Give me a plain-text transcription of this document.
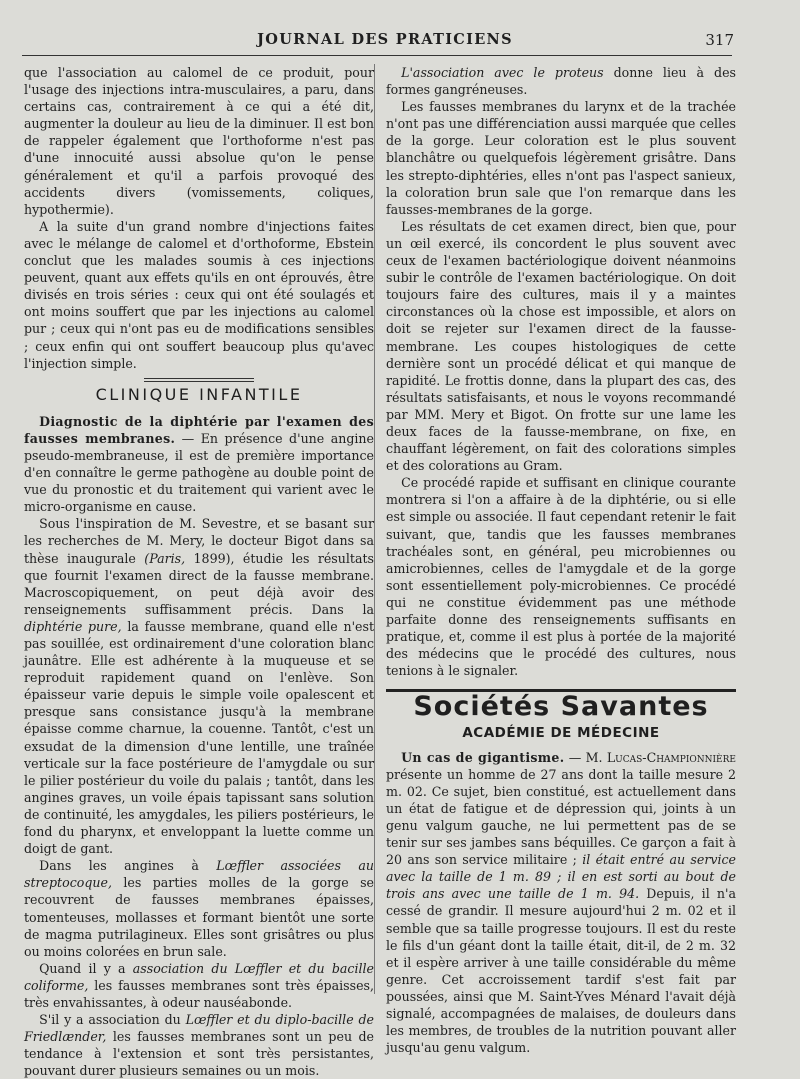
JOURNAL DES PRATICIENS	317

que l'association au calomel de ce produit, pour l'usage des injections intra-musculaires, a paru, dans certains cas, contrairement à ce qui a été dit, augmenter la douleur au lieu de la diminuer. Il est bon de rappeler également que l'orthoforme n'est pas d'une innocuité aussi absolue qu'on le pense généralement et qu'il a parfois provoqué des accidents divers (vomissements, coliques, hypothermie).

A la suite d'un grand nombre d'injections faites avec le mélange de calomel et d'orthoforme, Ebstein conclut que les malades soumis à ces injections peuvent, quant aux effets qu'ils en ont éprouvés, être divisés en trois séries : ceux qui ont été soulagés et ont moins souffert que par les injections au calomel pur ; ceux qui n'ont pas eu de modifications sensibles ; ceux enfin qui ont souffert beaucoup plus qu'avec l'injection simple.

CLINIQUE INFANTILE

Diagnostic de la diphtérie par l'examen des fausses membranes. — En présence d'une angine pseudo-membraneuse, il est de première importance d'en connaître le germe pathogène au double point de vue du pronostic et du traitement qui varient avec le micro-organisme en cause.

Sous l'inspiration de M. Sevestre, et se basant sur les recherches de M. Mery, le docteur Bigot dans sa thèse inaugurale (Paris, 1899), étudie les résultats que fournit l'examen direct de la fausse membrane. Macroscopiquement, on peut déjà avoir des renseignements suffisamment précis. Dans la diphtérie pure, la fausse membrane, quand elle n'est pas souillée, est ordinairement d'une coloration blanc jaunâtre. Elle est adhérente à la muqueuse et se reproduit rapidement quand on l'enlève. Son épaisseur varie depuis le simple voile opalescent et presque sans consistance jusqu'à la membrane épaisse comme charnue, la couenne. Tantôt, c'est un exsudat de la dimension d'une lentille, une traînée verticale sur la face postérieure de l'amygdale ou sur le pilier postérieur du voile du palais ; tantôt, dans les angines graves, un voile épais tapissant sans solution de continuité, les amygdales, les piliers postérieurs, le fond du pharynx, et enveloppant la luette comme un doigt de gant.

Dans les angines à Lœffler associées au streptocoque, les parties molles de la gorge se recouvrent de fausses membranes épaisses, tomenteuses, mollasses et formant bientôt une sorte de magma putrilagineux. Elles sont grisâtres ou plus ou moins colorées en brun sale.

Quand il y a association du Lœffler et du bacille coliforme, les fausses membranes sont très épaisses, très envahissantes, à odeur nauséabonde.

S'il y a association du Lœffler et du diplo-bacille de Friedlænder, les fausses membranes sont un peu de tendance à l'extension et sont très persistantes, pouvant durer plusieurs semaines ou un mois.

L'association avec le proteus donne lieu à des formes gangréneuses.

Les fausses membranes du larynx et de la trachée n'ont pas une différenciation aussi marquée que celles de la gorge. Leur coloration est le plus souvent blanchâtre ou quelquefois légèrement grisâtre. Dans les strepto-diphtéries, elles n'ont pas l'aspect sanieux, la coloration brun sale que l'on remarque dans les fausses-membranes de la gorge.

Les résultats de cet examen direct, bien que, pour un œil exercé, ils concordent le plus souvent avec ceux de l'examen bactériologique doivent néanmoins subir le contrôle de l'examen bactériologique. On doit toujours faire des cultures, mais il y a maintes circonstances où la chose est impossible, et alors on doit se rejeter sur l'examen direct de la fausse-membrane. Les coupes histologiques de cette dernière sont un procédé délicat et qui manque de rapidité. Le frottis donne, dans la plupart des cas, des résultats satisfaisants, et nous le voyons recommandé par MM. Mery et Bigot. On frotte sur une lame les deux faces de la fausse-membrane, on fixe, en chauffant légèrement, on fait des colorations simples et des colorations au Gram.

Ce procédé rapide et suffisant en clinique courante montrera si l'on a affaire à de la diphtérie, ou si elle est simple ou associée. Il faut cependant retenir le fait suivant, que, tandis que les fausses membranes trachéales sont, en général, peu microbiennes ou amicrobiennes, celles de l'amygdale et de la gorge sont essentiellement poly-microbiennes. Ce procédé qui ne constitue évidemment pas une méthode parfaite donne des renseignements suffisants en pratique, et, comme il est plus à portée de la majorité des médecins que le procédé des cultures, nous tenions à le signaler.

Sociétés Savantes
ACADÉMIE DE MÉDECINE

Un cas de gigantisme. — M. Lucas-Championnière présente un homme de 27 ans dont la taille mesure 2 m. 02. Ce sujet, bien constitué, est actuellement dans un état de fatigue et de dépression qui, joints à un genu valgum gauche, ne lui permettent pas de se tenir sur ses jambes sans béquilles. Ce garçon a fait à 20 ans son service militaire ; il était entré au service avec la taille de 1 m. 89 ; il en est sorti au bout de trois ans avec une taille de 1 m. 94. Depuis, il n'a cessé de grandir. Il mesure aujourd'hui 2 m. 02 et il semble que sa taille progresse toujours. Il est du reste le fils d'un géant dont la taille était, dit-il, de 2 m. 32 et il espère arriver à une taille considérable du même genre. Cet accroissement tardif s'est fait par poussées, ainsi que M. Saint-Yves Ménard l'avait déjà signalé, accompagnées de malaises, de douleurs dans les membres, de troubles de la nutrition pouvant aller jusqu'au genu valgum.
